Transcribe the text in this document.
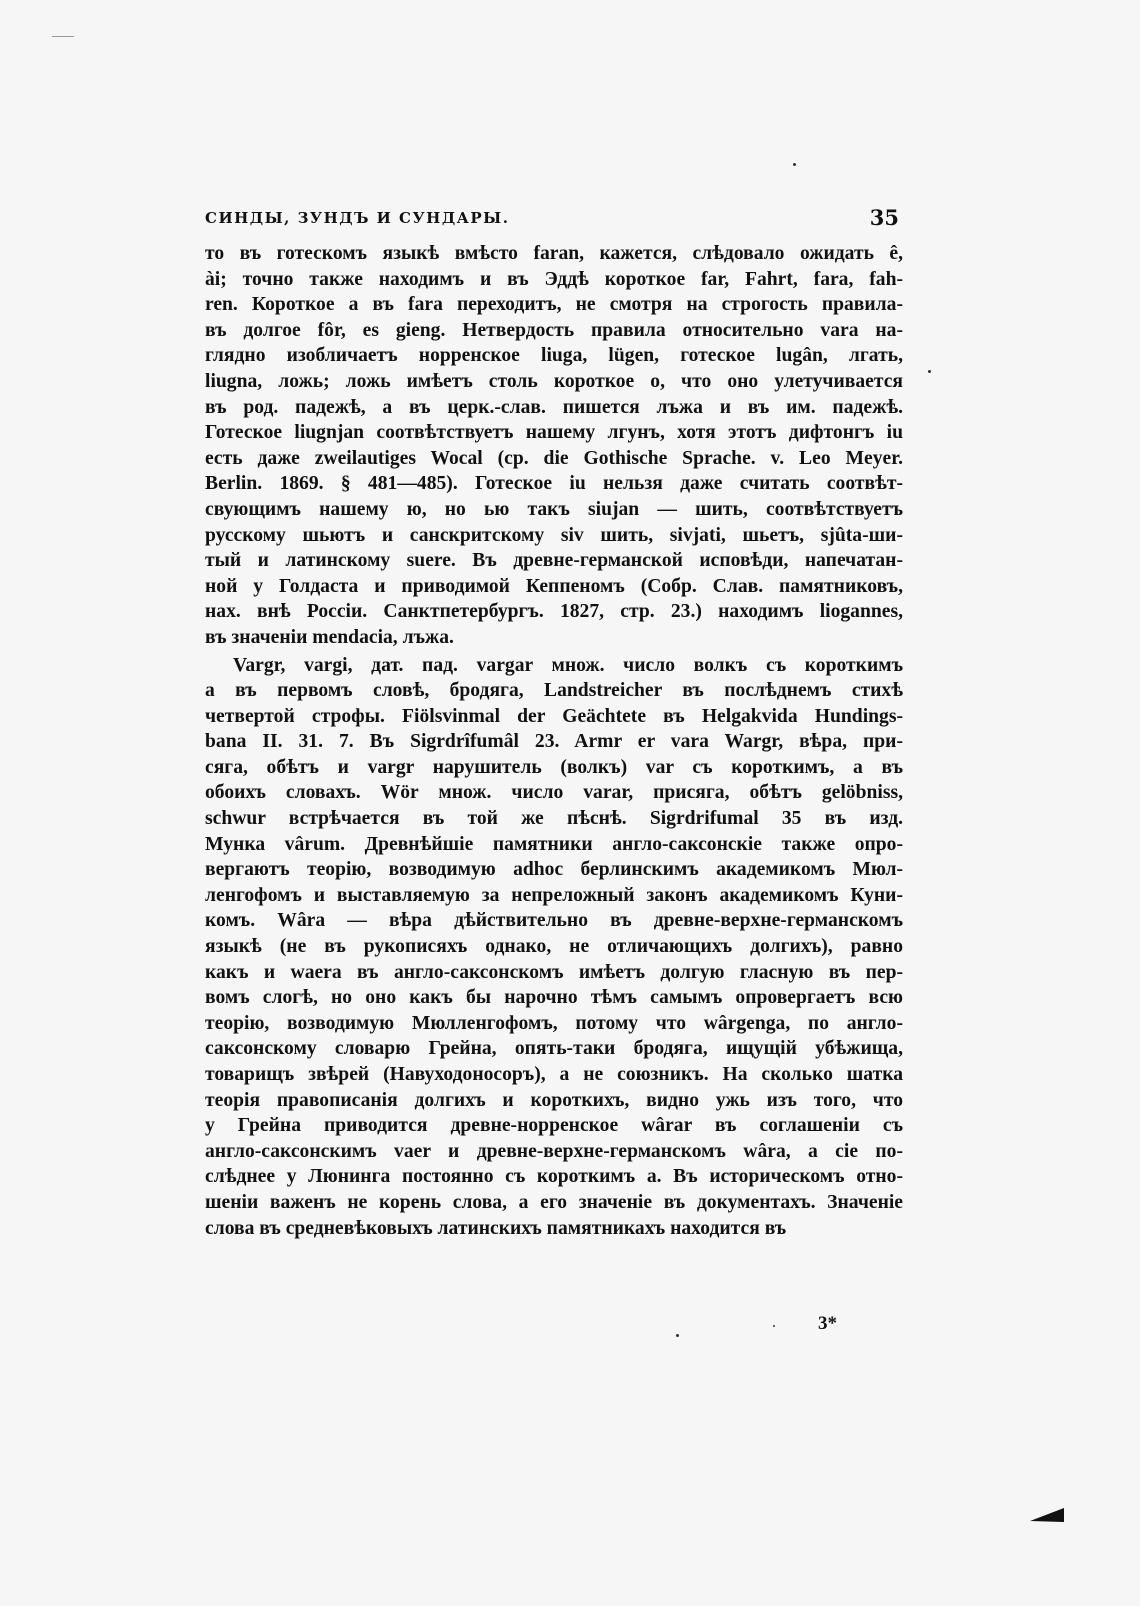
СИНДЫ, ЗУНДЪ И СУНДАРЫ.	35
то въ готескомъ языкѣ вмѣсто faran, кажется, слѣдовало ожидать ê,
ài; точно также находимъ и въ Эддѣ короткое far, Fahrt, fara, fah-
ren. Короткое a въ fara переходитъ, не смотря на строгость правила-
въ долгое fôr, es gieng. Нетвердость правила относительно vara на-
глядно изобличаетъ норренское liuga, lügen, готеское lugân, лгать,
liugna, ложь; ложь имѣетъ столь короткое o, что оно улетучивается
въ род. падежѣ, а въ церк.-слав. пишется лъжа и въ им. падежѣ.
Готеское liugnjan соотвѣтствуетъ нашему лгунъ, хотя этотъ дифтонгъ iu
есть даже zweilautiges Wocal (ср. die Gothische Sprache. v. Leo Meyer.
Berlin. 1869. § 481—485). Готеское iu нельзя даже считать соотвѣт-
свующимъ нашему ю, но ью такъ siujan — шить, соотвѣтствуетъ
русскому шьютъ и санскритскому siv шить, sivjati, шьетъ, sjûta-ши-
тый и латинскому suere. Въ древне-германской исповѣди, напечатан-
ной у Голдаста и приводимой Кеппеномъ (Собр. Слав. памятниковъ,
нах. внѣ Россіи. Санктпетербургъ. 1827, стр. 23.) находимъ liogannes,
въ значеніи mendacia, лъжа.
Vargr, vargi, дат. пад. vargar множ. число волкъ съ короткимъ
a въ первомъ словѣ, бродяга, Landstreicher въ послѣднемъ стихѣ
четвертой строфы. Fiölsvinmal der Geächtete въ Helgakvida Hundings-
bana II. 31. 7. Въ Sigrdrîfumâl 23. Armr er vara Wargr, вѣра, при-
сяга, обѣтъ и vargr нарушитель (волкъ) var съ короткимъ, а въ
обоихъ словахъ. Wör множ. число varar, присяга, обѣтъ gelöbniss,
schwur встрѣчается въ той же пѣснѣ. Sigrdrifumal 35 въ изд.
Мунка vârum. Древнѣйшіе памятники англо-саксонскіе также опро-
вергаютъ теорію, возводимую adhoc берлинскимъ академикомъ Мюл-
ленгофомъ и выставляемую за непреложный законъ академикомъ Куни-
комъ. Wâra — вѣра дѣйствительно въ древне-верхне-германскомъ
языкѣ (не въ рукописяхъ однако, не отличающихъ долгихъ), равно
какъ и waera въ англо-саксонскомъ имѣетъ долгую гласную въ пер-
вомъ слогѣ, но оно какъ бы нарочно тѣмъ самымъ опровергаетъ всю
теорію, возводимую Мюлленгофомъ, потому что wârgenga, по англо-
саксонскому словарю Грейна, опять-таки бродяга, ищущій убѣжища,
товарищъ звѣрей (Навуходоносоръ), а не союзникъ. На сколько шатка
теорія правописанія долгихъ и короткихъ, видно ужь изъ того, что
у Грейна приводится древне-норренское wârar въ соглашеніи съ
англо-саксонскимъ vaer и древне-верхне-германскомъ wâra, а сіе по-
слѣднее у Люнинга постоянно съ короткимъ a. Въ историческомъ отно-
шеніи важенъ не корень слова, а его значеніе въ документахъ. Значеніе
слова въ средневѣковыхъ латинскихъ памятникахъ находится въ
3*
